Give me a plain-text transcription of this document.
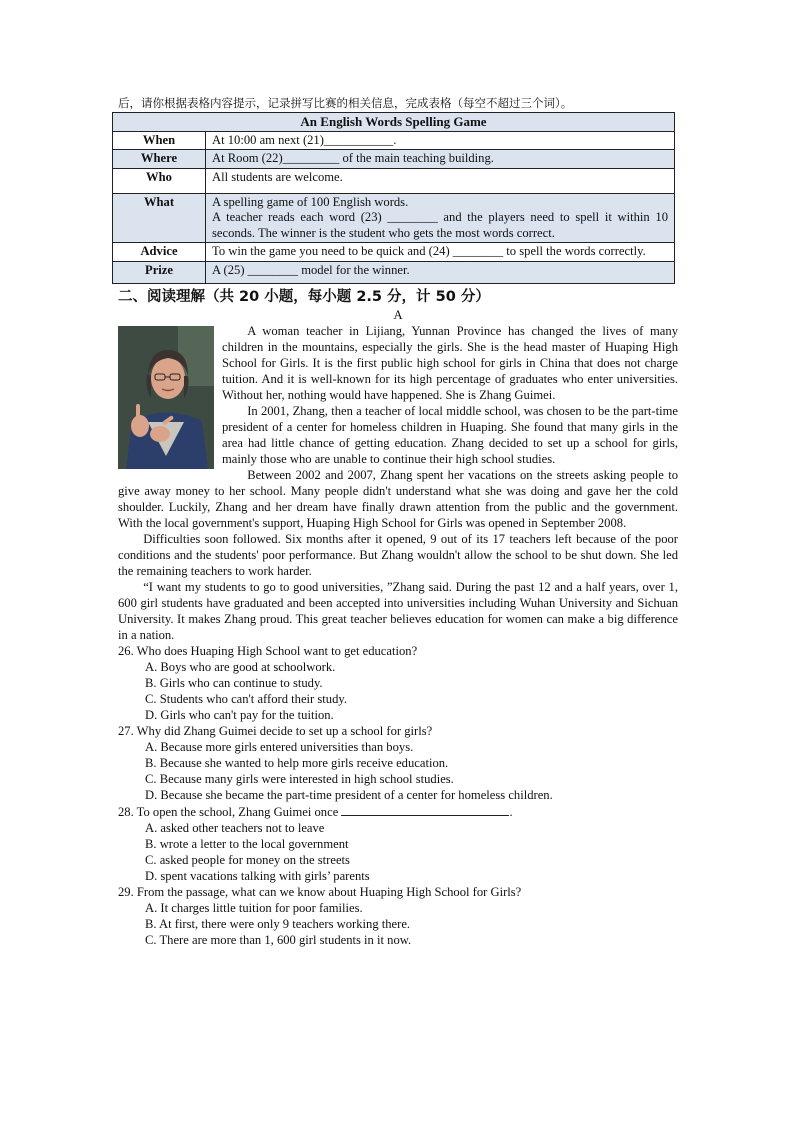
后，请你根据表格内容提示，记录拼写比赛的相关信息，完成表格（每空不超过三个词）。

An English Words Spelling Game	
When	At 10:00 am next (21)___________.
Where	At Room (22)_________ of the main teaching building.
Who	All students are welcome.
What	A spelling game of 100 English words.
A teacher reads each word (23) ________ and the players need to spell it within 10 seconds. The winner is the student who gets the most words correct.

Advice	To win the game you need to be quick and (24) ________ to spell the words correctly.
Prize	A (25) ________ model for the winner.
二、阅读理解（共 20 小题，每小题 2.5 分，计 50 分）
A

A woman teacher in Lijiang, Yunnan Province has changed the lives of many children in the mountains, especially the girls. She is the head master of Huaping High School for Girls. It is the first public high school for girls in China that does not charge tuition. And it is well-known for its high percentage of graduates who enter universities. Without her, nothing would have happened. She is Zhang Guimei.

In 2001, Zhang, then a teacher of local middle school, was chosen to be the part-time president of a center for homeless children in Huaping. She found that many girls in the area had little chance of getting education. Zhang decided to set up a school for girls, mainly those who are unable to continue their high school studies.

Between 2002 and 2007, Zhang spent her vacations on the streets asking people to give away money to her school. Many people didn't understand what she was doing and gave her the cold shoulder. Luckily, Zhang and her dream have finally drawn attention from the public and the government. With the local government's support, Huaping High School for Girls was opened in September 2008.

Difficulties soon followed. Six months after it opened, 9 out of its 17 teachers left because of the poor conditions and the students' poor performance. But Zhang wouldn't allow the school to be shut down. She led the remaining teachers to work harder.

“I want my students to go to good universities, ”Zhang said. During the past 12 and a half years, over 1, 600 girl students have graduated and been accepted into universities including Wuhan University and Sichuan University. It makes Zhang proud. This great teacher believes education for women can make a big difference in a nation.

26. Who does Huaping High School want to get education?

A. Boys who are good at schoolwork.

B. Girls who can continue to study.

C. Students who can't afford their study.

D. Girls who can't pay for the tuition.

27. Why did Zhang Guimei decide to set up a school for girls?

A. Because more girls entered universities than boys.

B. Because she wanted to help more girls receive education.

C. Because many girls were interested in high school studies.

D. Because she became the part-time president of a center for homeless children.

28. To open the school, Zhang Guimei once	.

A. asked other teachers not to leave

B. wrote a letter to the local government

C. asked people for money on the streets

D. spent vacations talking with girls’ parents

29. From the passage, what can we know about Huaping High School for Girls?

A. It charges little tuition for poor families.

B. At first, there were only 9 teachers working there.

C. There are more than 1, 600 girl students in it now.
